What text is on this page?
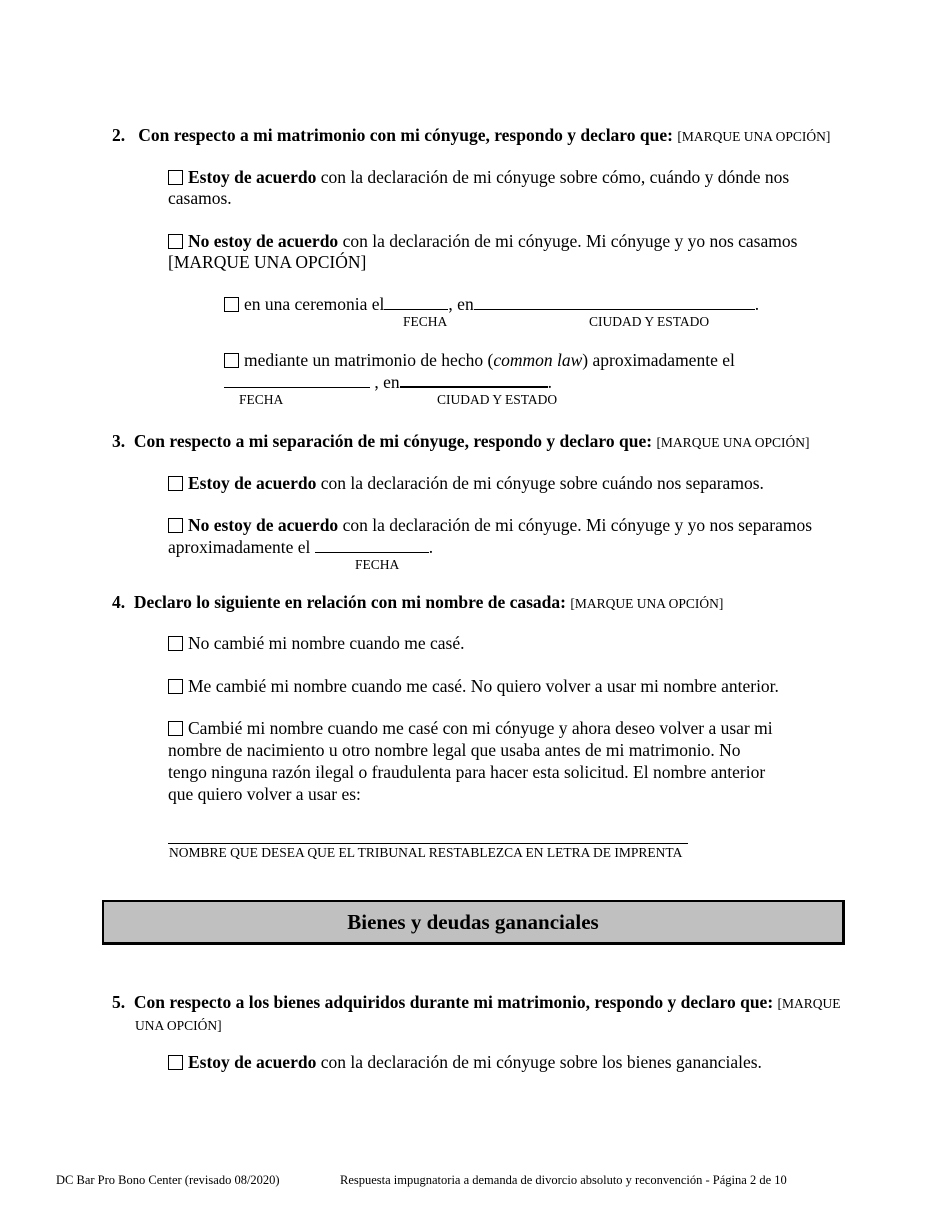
2. Con respecto a mi matrimonio con mi cónyuge, respondo y declaro que: [MARQUE UNA OPCIÓN]
Estoy de acuerdo con la declaración de mi cónyuge sobre cómo, cuándo y dónde nos
casamos.
No estoy de acuerdo con la declaración de mi cónyuge. Mi cónyuge y yo nos casamos
[MARQUE UNA OPCIÓN]
en una ceremonia el	, en	.
FECHA	CIUDAD Y ESTADO
mediante un matrimonio de hecho (common law) aproximadamente el
, en	.
FECHA	CIUDAD Y ESTADO
3. Con respecto a mi separación de mi cónyuge, respondo y declaro que: [MARQUE UNA OPCIÓN]
Estoy de acuerdo con la declaración de mi cónyuge sobre cuándo nos separamos.
No estoy de acuerdo con la declaración de mi cónyuge. Mi cónyuge y yo nos separamos
aproximadamente el	.
FECHA
4. Declaro lo siguiente en relación con mi nombre de casada: [MARQUE UNA OPCIÓN]
No cambié mi nombre cuando me casé.
Me cambié mi nombre cuando me casé. No quiero volver a usar mi nombre anterior.
Cambié mi nombre cuando me casé con mi cónyuge y ahora deseo volver a usar mi
nombre de nacimiento u otro nombre legal que usaba antes de mi matrimonio. No
tengo ninguna razón ilegal o fraudulenta para hacer esta solicitud. El nombre anterior
que quiero volver a usar es:
NOMBRE QUE DESEA QUE EL TRIBUNAL RESTABLEZCA EN LETRA DE IMPRENTA
Bienes y deudas gananciales
5. Con respecto a los bienes adquiridos durante mi matrimonio, respondo y declaro que: [MARQUE
UNA OPCIÓN]
Estoy de acuerdo con la declaración de mi cónyuge sobre los bienes gananciales.
DC Bar Pro Bono Center (revisado 08/2020)	Respuesta impugnatoria a demanda de divorcio absoluto y reconvención - Página 2 de 10
